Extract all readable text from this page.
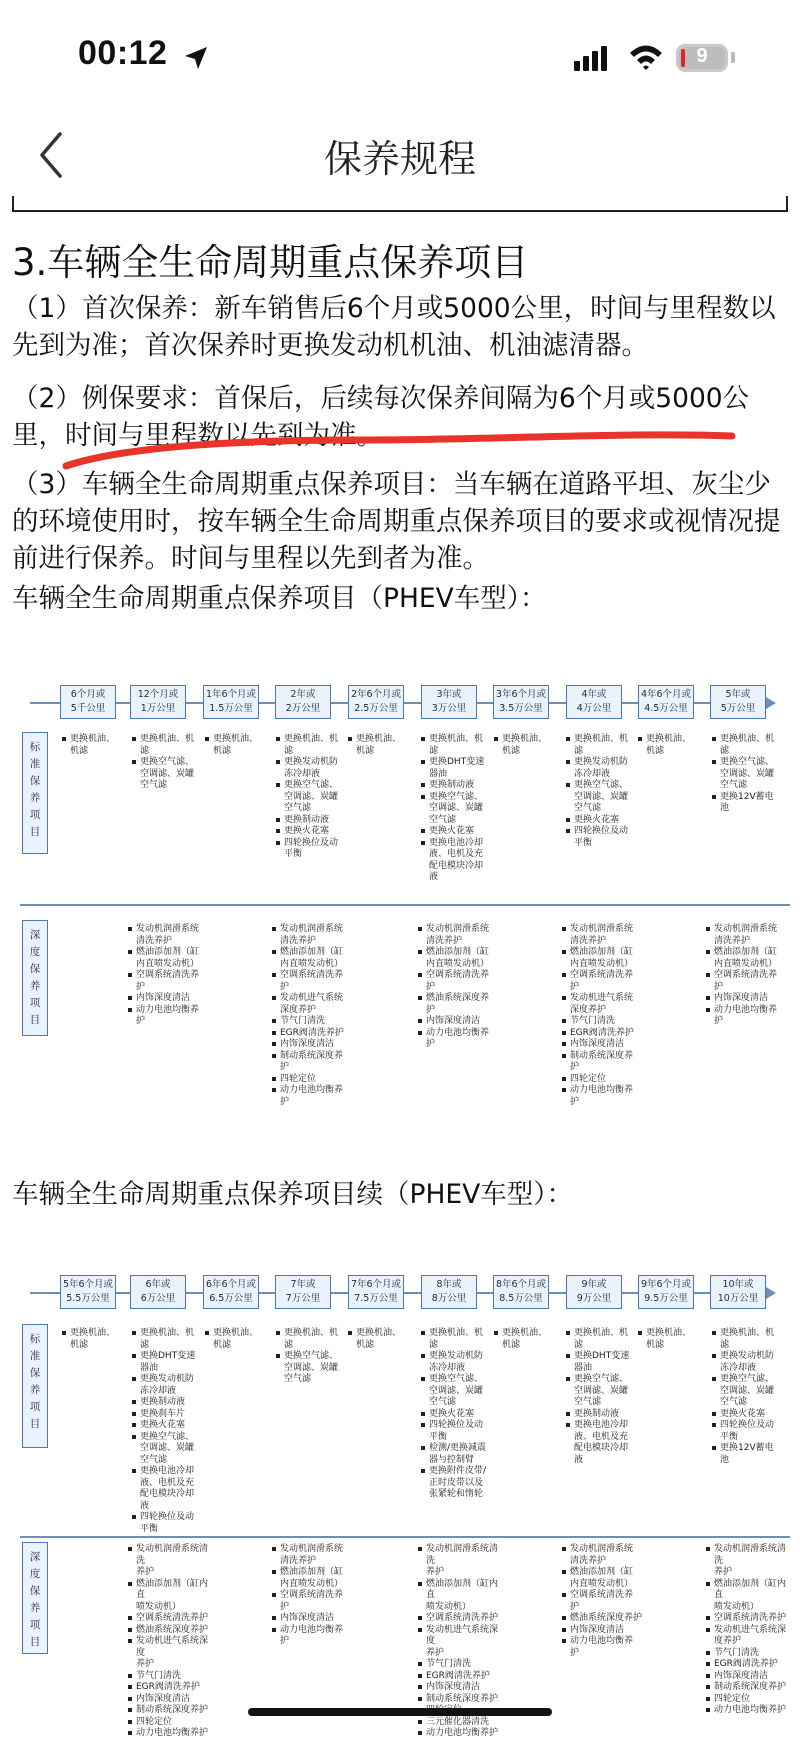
00:12	9
保养规程
3.车辆全生命周期重点保养项目
（1）首次保养：新车销售后6个月或5000公里，时间与里程数以先到为准；首次保养时更换发动机机油、机油滤清器。
（2）例保要求：首保后，后续每次保养间隔为6个月或5000公里，时间与里程数以先到为准。
（3）车辆全生命周期重点保养项目：当车辆在道路平坦、灰尘少的环境使用时，按车辆全生命周期重点保养项目的要求或视情况提前进行保养。时间与里程以先到者为准。
车辆全生命周期重点保养项目（PHEV车型）：
6个月或
5千公里
12个月或
1万公里
1年6个月或
1.5万公里
2年或
2万公里
2年6个月或
2.5万公里
3年或
3万公里
3年6个月或
3.5万公里
4年或
4万公里
4年6个月或
4.5万公里
5年或
5万公里
标
准
保
养
项
目
深
度
保
养
项
目
更换机油、
机滤
更换机油、机
滤
更换空气滤、
空调滤、炭罐
空气滤
更换机油、
机滤
更换机油、机
滤
更换发动机防
冻冷却液
更换空气滤、
空调滤、炭罐
空气滤
更换制动液
更换火花塞
四轮换位及动
平衡
更换机油、
机滤
更换机油、机
滤
更换DHT变速
器油
更换制动液
更换空气滤、
空调滤、炭罐
空气滤
更换火花塞
更换电池冷却
液、电机及充
配电模块冷却
液
更换机油、
机滤
更换机油、机
滤
更换发动机防
冻冷却液
更换空气滤、
空调滤、炭罐
空气滤
更换火花塞
四轮换位及动
平衡
更换机油、
机滤
更换机油、机
滤
更换空气滤、
空调滤、炭罐
空气滤
更换12V蓄电
池
发动机润滑系统
清洗养护
燃油添加剂（缸
内直喷发动机）
空调系统清洗养
护
内饰深度清洁
动力电池均衡养
护
发动机润滑系统
清洗养护
燃油添加剂（缸
内直喷发动机）
空调系统清洗养
护
发动机进气系统
深度养护
节气门清洗
EGR阀清洗养护
内饰深度清洁
制动系统深度养
护
四轮定位
动力电池均衡养
护
发动机润滑系统
清洗养护
燃油添加剂（缸
内直喷发动机）
空调系统清洗养
护
燃油系统深度养
护
内饰深度清洁
动力电池均衡养
护
发动机润滑系统
清洗养护
燃油添加剂（缸
内直喷发动机）
空调系统清洗养
护
发动机进气系统
深度养护
节气门清洗
EGR阀清洗养护
内饰深度清洁
制动系统深度养
护
四轮定位
动力电池均衡养
护
发动机润滑系统
清洗养护
燃油添加剂（缸
内直喷发动机）
空调系统清洗养
护
内饰深度清洁
动力电池均衡养
护
车辆全生命周期重点保养项目续（PHEV车型）：
5年6个月或
5.5万公里
6年或
6万公里
6年6个月或
6.5万公里
7年或
7万公里
7年6个月或
7.5万公里
8年或
8万公里
8年6个月或
8.5万公里
9年或
9万公里
9年6个月或
9.5万公里
10年或
10万公里
标
准
保
养
项
目
深
度
保
养
项
目
更换机油、
机滤
更换机油、机
滤
更换DHT变速
器油
更换发动机防
冻冷却液
更换制动液
更换刹车片
更换火花塞
更换空气滤、
空调滤、炭罐
空气滤
更换电池冷却
液、电机及充
配电模块冷却
液
四轮换位及动
平衡
更换机油、
机滤
更换机油、机
滤
更换空气滤、
空调滤、炭罐
空气滤
更换机油、
机滤
更换机油、机
滤
更换发动机防
冻冷却液
更换空气滤、
空调滤、炭罐
空气滤
更换火花塞
四轮换位及动
平衡
检测/更换减震
器与控制臂
更换附件皮带/
正时皮带以及
张紧轮和惰轮
更换机油、
机滤
更换机油、机
滤
更换DHT变速
器油
更换空气滤、
空调滤、炭罐
空气滤
更换制动液
更换电池冷却
液、电机及充
配电模块冷却
液
更换机油、
机滤
更换机油、机
滤
更换发动机防
冻冷却液
更换空气滤、
空调滤、炭罐
空气滤
更换火花塞
四轮换位及动
平衡
更换12V蓄电
池
发动机润滑系统清洗
养护
燃油添加剂（缸内直
喷发动机）
空调系统清洗养护
燃油系统深度养护
发动机进气系统深度
养护
节气门清洗
EGR阀清洗养护
内饰深度清洁
制动系统深度养护
四轮定位
动力电池均衡养护
发动机润滑系统
清洗养护
燃油添加剂（缸
内直喷发动机）
空调系统清洗养
护
内饰深度清洁
动力电池均衡养
护
发动机润滑系统清洗
养护
燃油添加剂（缸内直
喷发动机）
空调系统清洗养护
发动机进气系统深度
养护
节气门清洗
EGR阀清洗养护
内饰深度清洁
制动系统深度养护
三元催化器清洗
动力电池均衡养护
发动机润滑系统
清洗养护
燃油添加剂（缸
内直喷发动机）
空调系统清洗养
护
燃油系统深度养护
内饰深度清洁
动力电池均衡养
护
发动机润滑系统清洗
养护
燃油添加剂（缸内直
喷发动机）
空调系统清洗养护
发动机进气系统深
度养护
节气门清洗
EGR阀清洗养护
内饰深度清洁
制动系统深度养护
四轮定位
动力电池均衡养护
